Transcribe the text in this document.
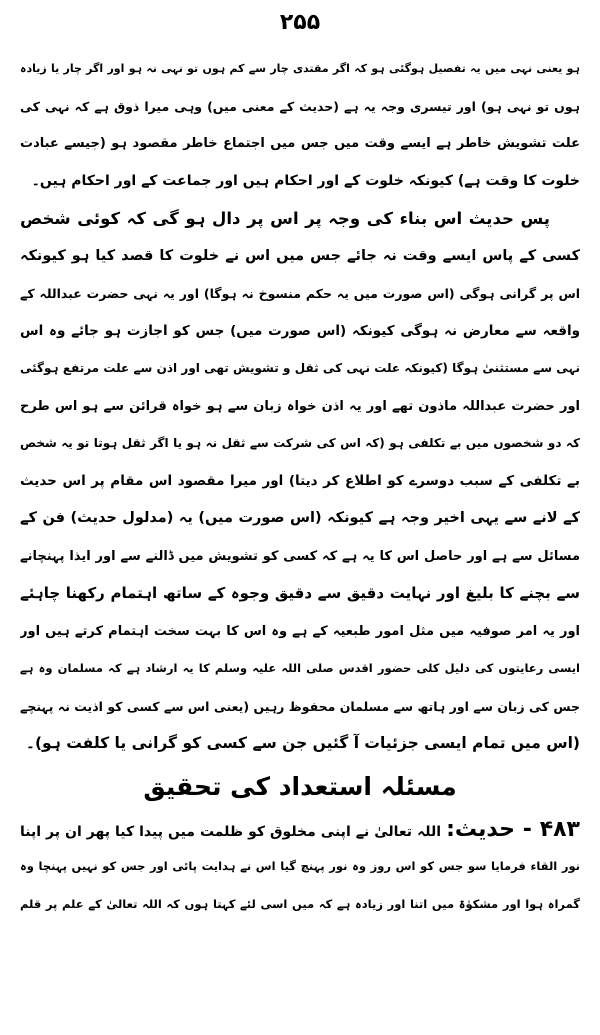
۲۵۵
ہو یعنی نہی میں یہ تفصیل ہوگئی ہو کہ اگر مقتدی چار سے کم ہوں تو نہی نہ ہو اور اگر چار یا زیادہ
ہوں تو نہی ہو) اور تیسری وجہ یہ ہے (حدیث کے معنی میں) وہی میرا ذوق ہے کہ نہی کی
علت تشویش خاطر ہے ایسے وقت میں جس میں اجتماع خاطر مقصود ہو (جیسے عبادت
خلوت کا وقت ہے) کیونکہ خلوت کے اور احکام ہیں اور جماعت کے اور احکام ہیں۔
پس حدیث اس بناء کی وجہ پر اس پر دال ہو گی کہ کوئی شخص
کسی کے پاس ایسے وقت نہ جائے جس میں اس نے خلوت کا قصد کیا ہو کیونکہ
اس پر گرانی ہوگی (اس صورت میں یہ حکم منسوخ نہ ہوگا) اور یہ نہی حضرت عبداللہ کے
واقعہ سے معارض نہ ہوگی کیونکہ (اس صورت میں) جس کو اجازت ہو جائے وہ اس
نہی سے مستثنیٰ ہوگا (کیونکہ علت نہی کی ثقل و تشویش تھی اور اذن سے علت مرتفع ہوگئی
اور حضرت عبداللہ ماذون تھے اور یہ اذن خواہ زبان سے ہو خواہ قرائن سے ہو اس طرح
کہ دو شخصوں میں بے تکلفی ہو (کہ اس کی شرکت سے ثقل نہ ہو یا اگر ثقل ہوتا تو یہ شخص
بے تکلفی کے سبب دوسرے کو اطلاع کر دیتا) اور میرا مقصود اس مقام پر اس حدیث
کے لانے سے یہی اخیر وجہ ہے کیونکہ (اس صورت میں) یہ (مدلول حدیث) فن کے
مسائل سے ہے اور حاصل اس کا یہ ہے کہ کسی کو تشویش میں ڈالنے سے اور ایذا پہنچانے
سے بچنے کا بلیغ اور نہایت دقیق سے دقیق وجوہ کے ساتھ اہتمام رکھنا چاہئے
اور یہ امر صوفیہ میں مثل امور طبعیہ کے ہے وہ اس کا بہت سخت اہتمام کرتے ہیں اور
ایسی رعایتوں کی دلیل کلی حضور اقدس صلی اللہ علیہ وسلم کا یہ ارشاد ہے کہ مسلمان وہ ہے
جس کی زبان سے اور ہاتھ سے مسلمان محفوظ رہیں (یعنی اس سے کسی کو اذیت نہ پہنچے
(اس میں تمام ایسی جزئیات آ گئیں جن سے کسی کو گرانی یا کلفت ہو)۔
مسئلہ استعداد کی تحقیق
۴۸۳ - حدیث: اللہ تعالیٰ نے اپنی مخلوق کو ظلمت میں پیدا کیا پھر ان پر اپنا
نور القاء فرمایا سو جس کو اس روز وہ نور پہنچ گیا اس نے ہدایت پائی اور جس کو نہیں پہنچا وہ
گمراہ ہوا اور مشکوٰۃ میں اتنا اور زیادہ ہے کہ میں اسی لئے کہتا ہوں کہ اللہ تعالیٰ کے علم پر قلم
